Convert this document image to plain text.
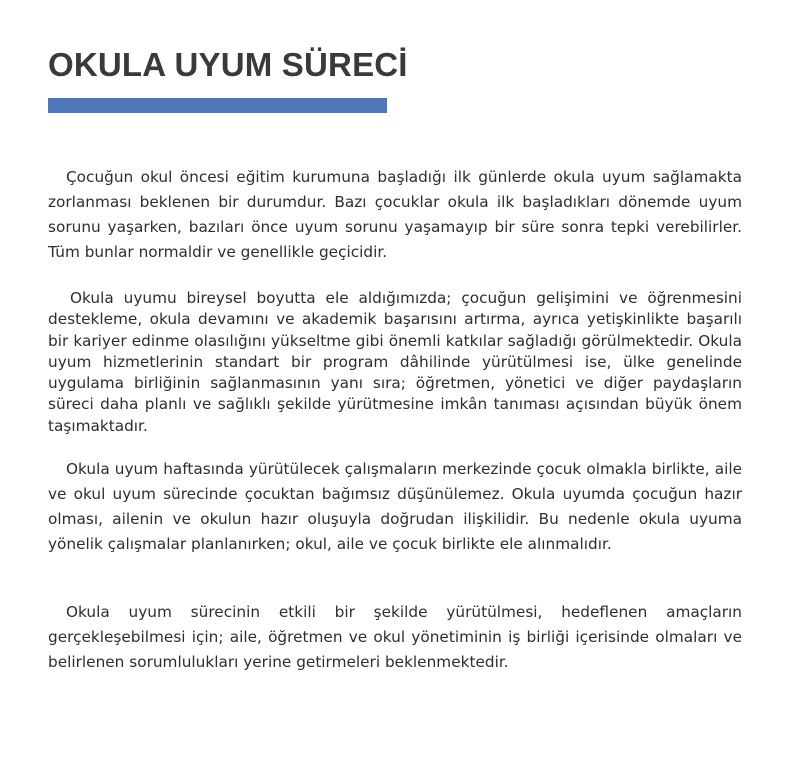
OKULA UYUM SÜRECİ

Çocuğun okul öncesi eğitim kurumuna başladığı ilk günlerde okula uyum sağlamakta zorlanması beklenen bir durumdur. Bazı çocuklar okula ilk başladıkları dönemde uyum sorunu yaşarken, bazıları önce uyum sorunu yaşamayıp bir süre sonra tepki verebilirler. Tüm bunlar normaldir ve genellikle geçicidir.

Okula uyumu bireysel boyutta ele aldığımızda; çocuğun gelişimini ve öğrenmesini destekleme, okula devamını ve akademik başarısını artırma, ayrıca yetişkinlikte başarılı bir kariyer edinme olasılığını yükseltme gibi önemli katkılar sağladığı görülmektedir. Okula uyum hizmetlerinin standart bir program dâhilinde yürütülmesi ise, ülke genelinde uygulama birliğinin sağlanmasının yanı sıra; öğretmen, yönetici ve diğer paydaşların süreci daha planlı ve sağlıklı şekilde yürütmesine imkân tanıması açısından büyük önem taşımaktadır.

Okula uyum haftasında yürütülecek çalışmaların merkezinde çocuk olmakla birlikte, aile ve okul uyum sürecinde çocuktan bağımsız düşünülemez. Okula uyumda çocuğun hazır olması, ailenin ve okulun hazır oluşuyla doğrudan ilişkilidir. Bu nedenle okula uyuma yönelik çalışmalar planlanırken; okul, aile ve çocuk birlikte ele alınmalıdır.

Okula uyum sürecinin etkili bir şekilde yürütülmesi, hedeflenen amaçların gerçekleşebilmesi için; aile, öğretmen ve okul yönetiminin iş birliği içerisinde olmaları ve belirlenen sorumlulukları yerine getirmeleri beklenmektedir.
